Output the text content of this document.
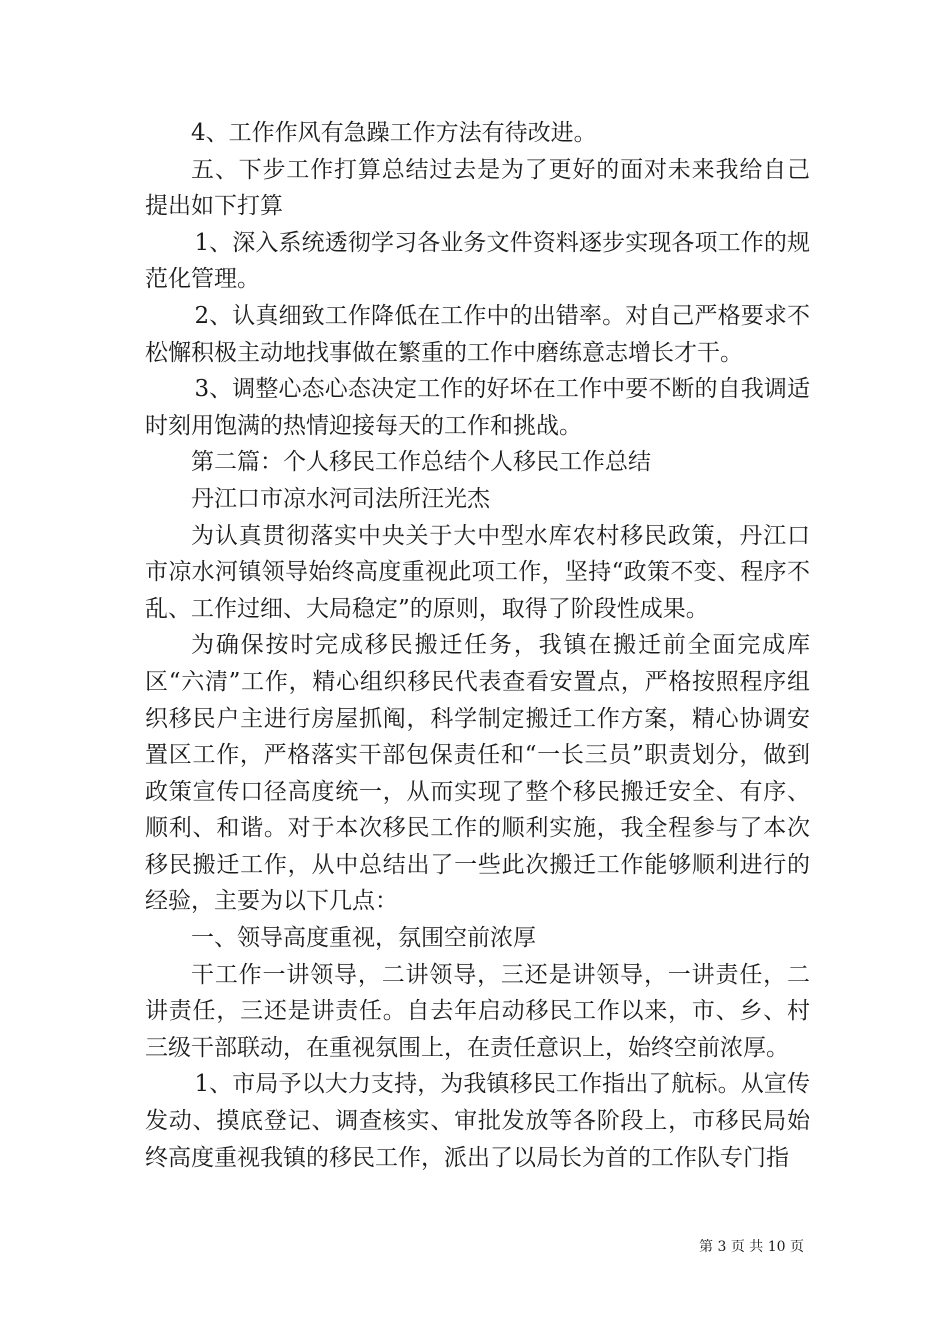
4、工作作风有急躁工作方法有待改进。

五、下步工作打算总结过去是为了更好的面对未来我给自己提出如下打算

1、深入系统透彻学习各业务文件资料逐步实现各项工作的规范化管理。

2、认真细致工作降低在工作中的出错率。对自己严格要求不松懈积极主动地找事做在繁重的工作中磨练意志增长才干。

3、调整心态心态决定工作的好坏在工作中要不断的自我调适时刻用饱满的热情迎接每天的工作和挑战。

第二篇：个人移民工作总结个人移民工作总结

丹江口市凉水河司法所汪光杰

为认真贯彻落实中央关于大中型水库农村移民政策，丹江口市凉水河镇领导始终高度重视此项工作，坚持“政策不变、程序不乱、工作过细、大局稳定”的原则，取得了阶段性成果。

为确保按时完成移民搬迁任务，我镇在搬迁前全面完成库区“六清”工作，精心组织移民代表查看安置点，严格按照程序组织移民户主进行房屋抓阄，科学制定搬迁工作方案，精心协调安置区工作，严格落实干部包保责任和“一长三员”职责划分，做到政策宣传口径高度统一，从而实现了整个移民搬迁安全、有序、顺利、和谐。对于本次移民工作的顺利实施，我全程参与了本次移民搬迁工作，从中总结出了一些此次搬迁工作能够顺利进行的经验，主要为以下几点：

一、领导高度重视，氛围空前浓厚

干工作一讲领导，二讲领导，三还是讲领导，一讲责任，二讲责任，三还是讲责任。自去年启动移民工作以来，市、乡、村三级干部联动，在重视氛围上，在责任意识上，始终空前浓厚。

1、市局予以大力支持，为我镇移民工作指出了航标。从宣传发动、摸底登记、调查核实、审批发放等各阶段上，市移民局始终高度重视我镇的移民工作，派出了以局长为首的工作队专门指

第 3 页 共 10 页
